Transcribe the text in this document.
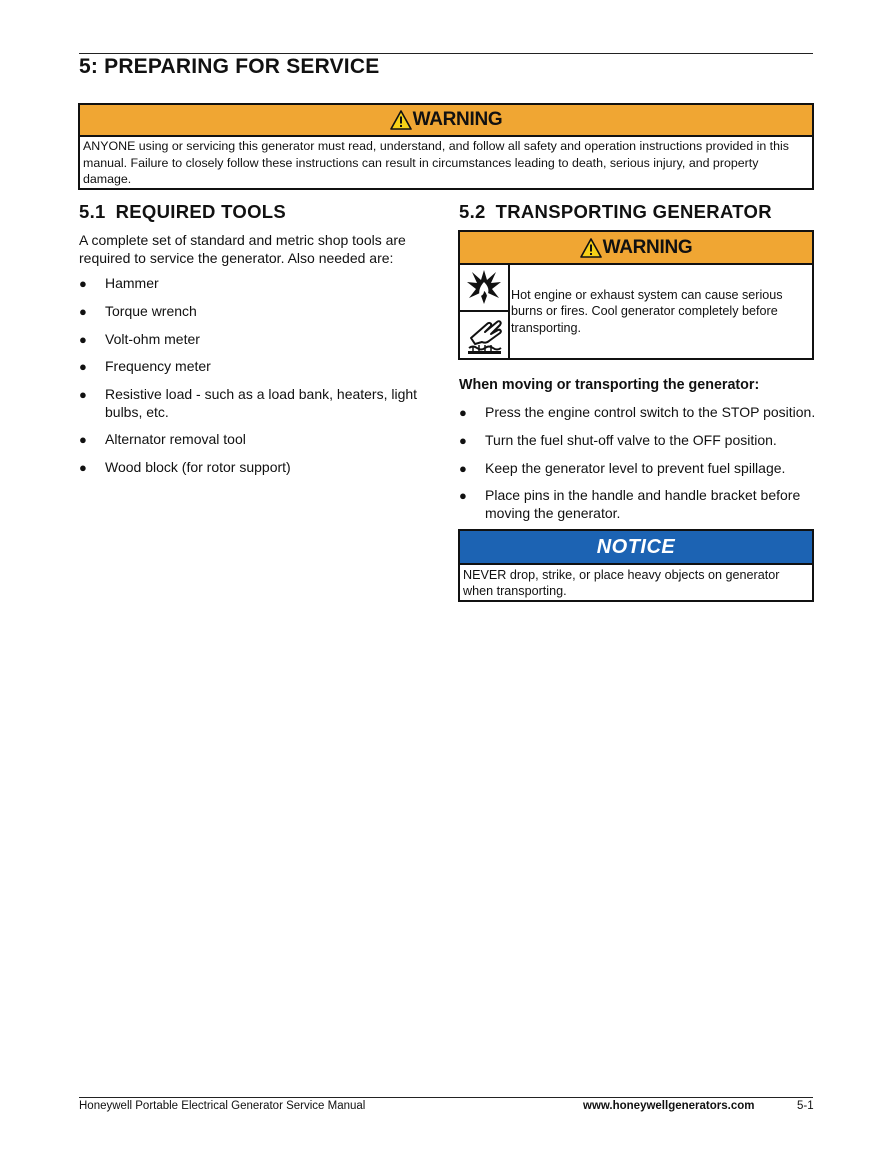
5: PREPARING FOR SERVICE
WARNING
ANYONE using or servicing this generator must read, understand, and follow all safety and operation instructions provided in this manual. Failure to closely follow these instructions can result in circumstances leading to death, serious injury, and property damage.
5.1 REQUIRED TOOLS

A complete set of standard and metric shop tools are required to service the generator. Also needed are:

● Hammer
● Torque wrench
● Volt-ohm meter
● Frequency meter
● Resistive load - such as a load bank, heaters, light bulbs, etc.
● Alternator removal tool
● Wood block (for rotor support)
5.2 TRANSPORTING GENERATOR
WARNING
Hot engine or exhaust system can cause serious burns or fires. Cool generator completely before transporting.

When moving or transporting the generator:

● Press the engine control switch to the STOP position.
● Turn the fuel shut-off valve to the OFF position.
● Keep the generator level to prevent fuel spillage.
● Place pins in the handle and handle bracket before moving the generator.
NOTICE
NEVER drop, strike, or place heavy objects on generator when transporting.
Honeywell Portable Electrical Generator Service Manual	www.honeywellgenerators.com	5-1
